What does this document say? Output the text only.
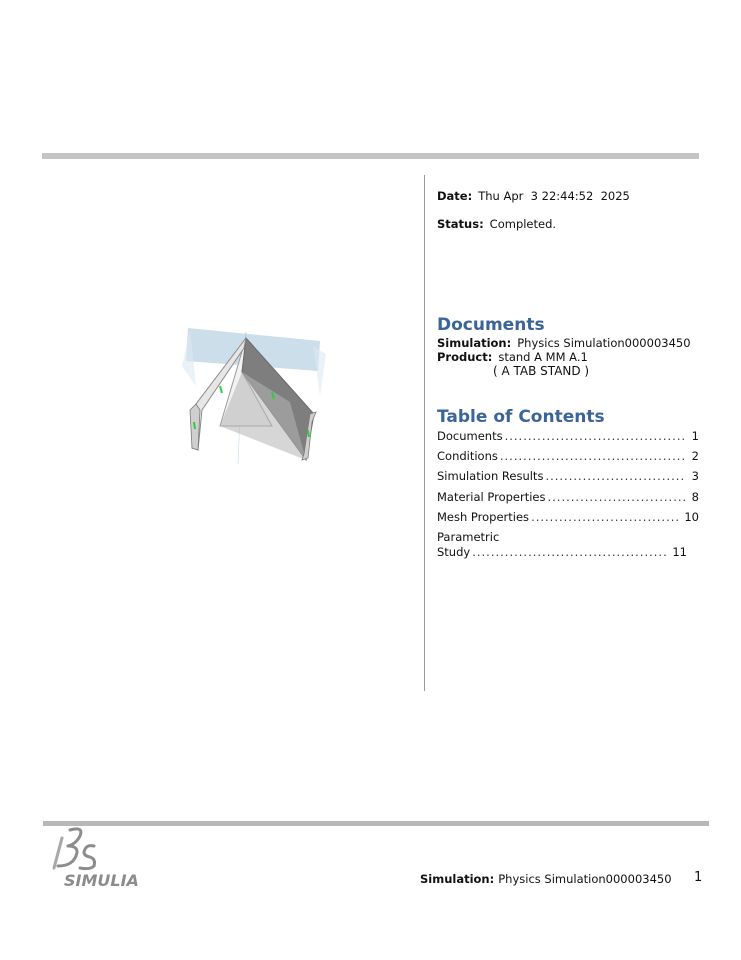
Date: Thu Apr  3 22:44:52  2025
Status: Completed.
Documents
Simulation: Physics Simulation000003450
Product: stand A MM A.1
( A TAB STAND )
Table of Contents
Documents .....	1
Conditions .....	2
Simulation Results .....	3
Material Properties .....	8
Mesh Properties .....	10
Parametric
Study .....	11
SIMULIA	Simulation: Physics Simulation000003450 1
